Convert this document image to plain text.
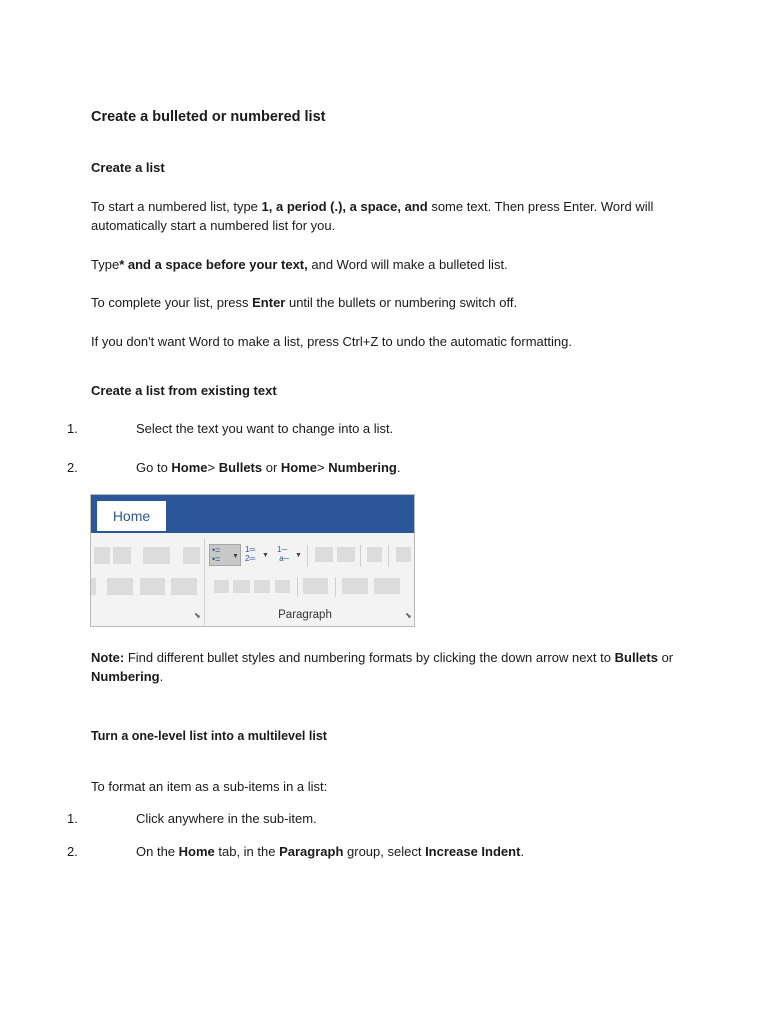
Create a bulleted or numbered list
Create a list
To start a numbered list, type 1, a period (.), a space, and some text. Then press Enter. Word will automatically start a numbered list for you.
Type* and a space before your text, and Word will make a bulleted list.
To complete your list, press Enter until the bullets or numbering switch off.
If you don't want Word to make a list, press Ctrl+Z to undo the automatic formatting.
Create a list from existing text
1.	Select the text you want to change into a list.
2.	Go to Home> Bullets or Home> Numbering.
Home
⬊
•=
•= ▼
1═
2═ ▼
1─
a─ ▼
Paragraph	⬊
Note: Find different bullet styles and numbering formats by clicking the down arrow next to Bullets or Numbering.
Turn a one-level list into a multilevel list
To format an item as a sub-items in a list:
1.	Click anywhere in the sub-item.
2.	On the Home tab, in the Paragraph group, select Increase Indent.
